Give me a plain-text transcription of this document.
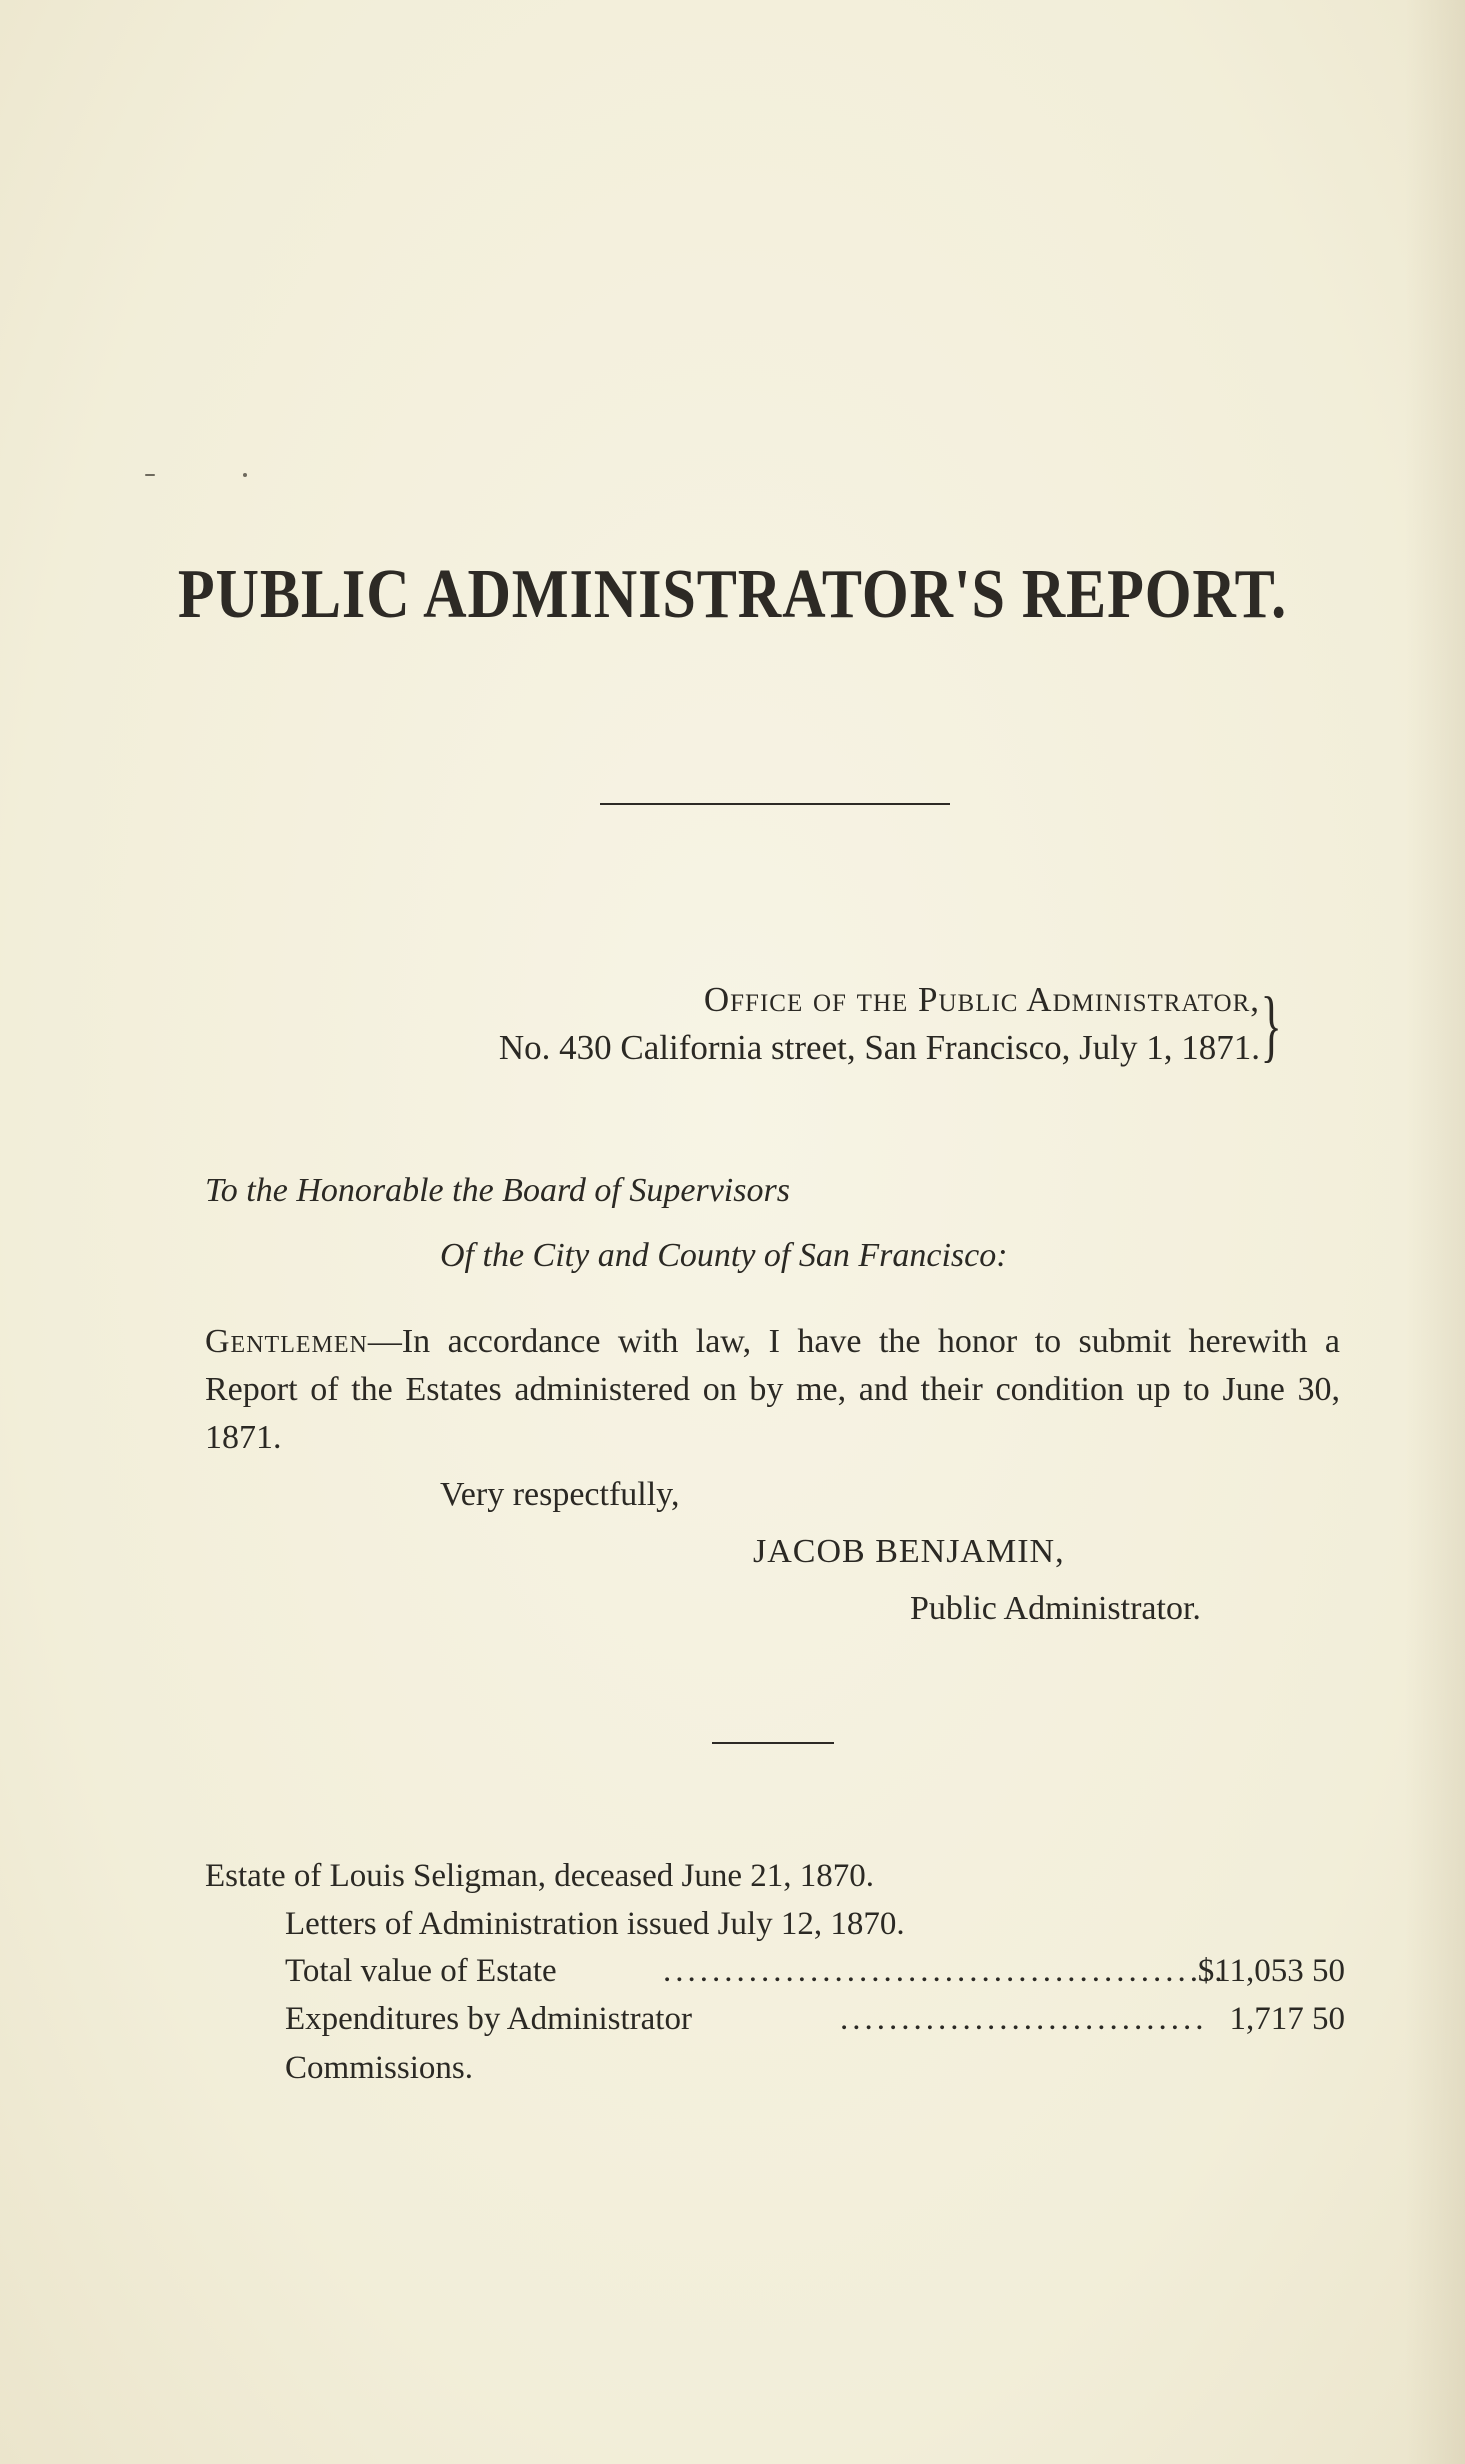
PUBLIC ADMINISTRATOR'S REPORT.
Office of the Public Administrator,
No. 430 California street, San Francisco, July 1, 1871. }
To the Honorable the Board of Supervisors
Of the City and County of San Francisco:
Gentlemen—In accordance with law, I have the honor to submit herewith a Report of the Estates administered on by me, and their condition up to June 30, 1871.
Very respectfully,
JACOB BENJAMIN,
Public Administrator.
Estate of Louis Seligman, deceased June 21, 1870.
Letters of Administration issued July 12, 1870.
Total value of Estate	..............................................
$11,053 50
Expenditures by Administrator	.............................. 1,717 50
Commissions.
